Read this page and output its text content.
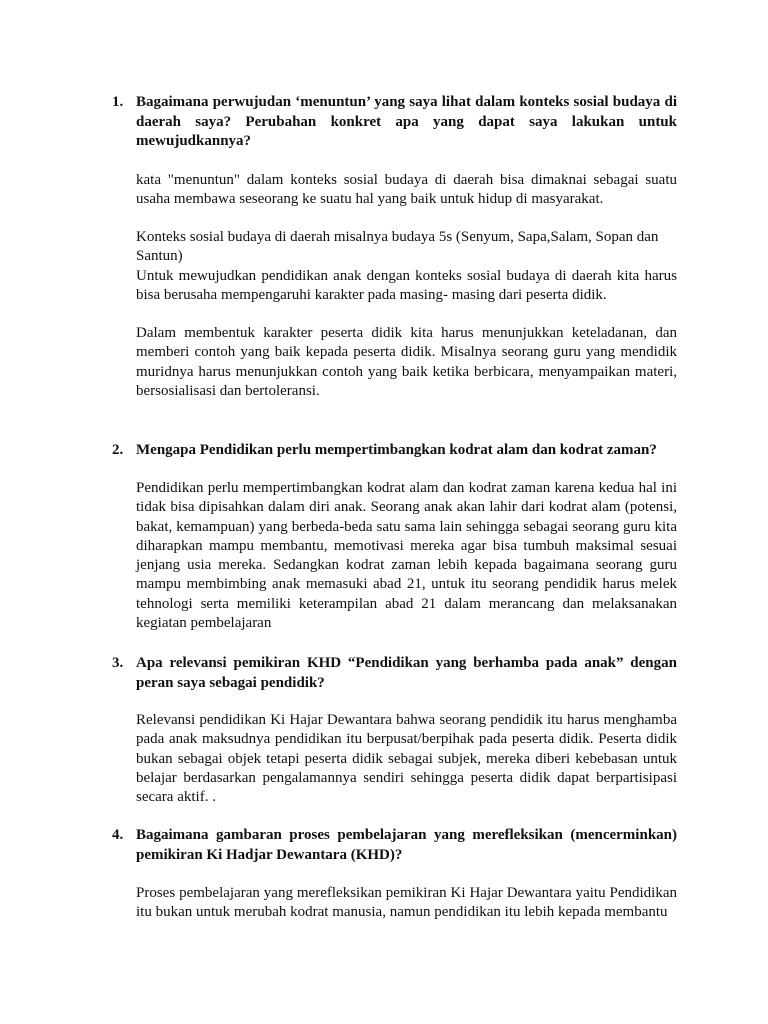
1. Bagaimana perwujudan ‘menuntun’ yang saya lihat dalam konteks sosial budaya di daerah saya? Perubahan konkret apa yang dapat saya lakukan untuk mewujudkannya?

kata "menuntun" dalam konteks sosial budaya di daerah bisa dimaknai sebagai suatu usaha membawa seseorang ke suatu hal yang baik untuk hidup di masyarakat.

Konteks sosial budaya di daerah misalnya budaya 5s (Senyum, Sapa,Salam, Sopan dan Santun)

Untuk mewujudkan pendidikan anak dengan konteks sosial budaya di daerah kita harus bisa berusaha mempengaruhi karakter pada masing- masing dari peserta didik.

Dalam membentuk karakter peserta didik kita harus menunjukkan keteladanan, dan memberi contoh yang baik kepada peserta didik. Misalnya seorang guru yang mendidik muridnya harus menunjukkan contoh yang baik ketika berbicara, menyampaikan materi, bersosialisasi dan bertoleransi.

2. Mengapa Pendidikan perlu mempertimbangkan kodrat alam dan kodrat zaman?

Pendidikan perlu mempertimbangkan kodrat alam dan kodrat zaman karena kedua hal ini tidak bisa dipisahkan dalam diri anak. Seorang anak akan lahir dari kodrat alam (potensi, bakat, kemampuan) yang berbeda-beda satu sama lain sehingga sebagai seorang guru kita diharapkan mampu membantu, memotivasi mereka agar bisa tumbuh maksimal sesuai jenjang usia mereka. Sedangkan kodrat zaman lebih kepada bagaimana seorang guru mampu membimbing anak memasuki abad 21, untuk itu seorang pendidik harus melek tehnologi serta memiliki keterampilan abad 21 dalam merancang dan melaksanakan kegiatan pembelajaran

3. Apa relevansi pemikiran KHD “Pendidikan yang berhamba pada anak” dengan peran saya sebagai pendidik?

Relevansi pendidikan Ki Hajar Dewantara bahwa seorang pendidik itu harus menghamba pada anak maksudnya pendidikan itu berpusat/berpihak pada peserta didik. Peserta didik bukan sebagai objek tetapi peserta didik sebagai subjek, mereka diberi kebebasan untuk belajar berdasarkan pengalamannya sendiri sehingga peserta didik dapat berpartisipasi secara aktif. .

4. Bagaimana gambaran proses pembelajaran yang merefleksikan (mencerminkan) pemikiran Ki Hadjar Dewantara (KHD)?

Proses pembelajaran yang merefleksikan pemikiran Ki Hajar Dewantara yaitu Pendidikan itu bukan untuk merubah kodrat manusia, namun pendidikan itu lebih kepada membantu
